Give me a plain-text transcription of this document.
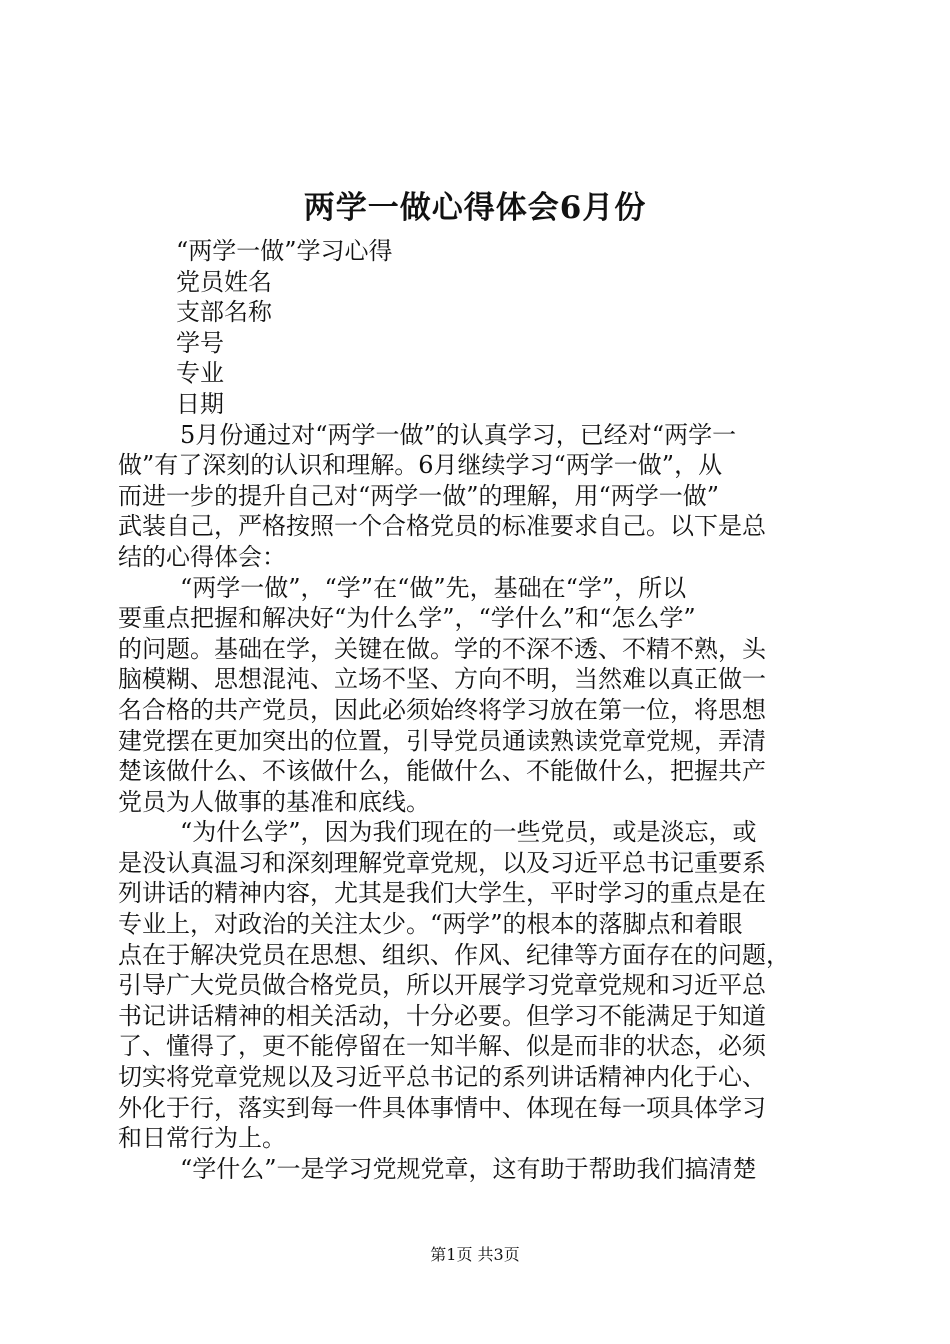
两学一做心得体会6月份
“两学一做”学习心得
党员姓名
支部名称
学号
专业
日期
5月份通过对“两学一做”的认真学习，已经对“两学一
做”有了深刻的认识和理解。6月继续学习“两学一做”，从
而进一步的提升自己对“两学一做”的理解，用“两学一做”
武装自己，严格按照一个合格党员的标准要求自己。以下是总
结的心得体会：
“两学一做”，“学”在“做”先，基础在“学”，所以
要重点把握和解决好“为什么学”，“学什么”和“怎么学”
的问题。基础在学，关键在做。学的不深不透、不精不熟，头
脑模糊、思想混沌、立场不坚、方向不明，当然难以真正做一
名合格的共产党员，因此必须始终将学习放在第一位，将思想
建党摆在更加突出的位置，引导党员通读熟读党章党规，弄清
楚该做什么、不该做什么，能做什么、不能做什么，把握共产
党员为人做事的基准和底线。
“为什么学”，因为我们现在的一些党员，或是淡忘，或
是没认真温习和深刻理解党章党规，以及习近平总书记重要系
列讲话的精神内容，尤其是我们大学生，平时学习的重点是在
专业上，对政治的关注太少。“两学”的根本的落脚点和着眼
点在于解决党员在思想、组织、作风、纪律等方面存在的问题，
引导广大党员做合格党员，所以开展学习党章党规和习近平总
书记讲话精神的相关活动，十分必要。但学习不能满足于知道
了、懂得了，更不能停留在一知半解、似是而非的状态，必须
切实将党章党规以及习近平总书记的系列讲话精神内化于心、
外化于行，落实到每一件具体事情中、体现在每一项具体学习
和日常行为上。
“学什么”一是学习党规党章，这有助于帮助我们搞清楚
第1页 共3页
